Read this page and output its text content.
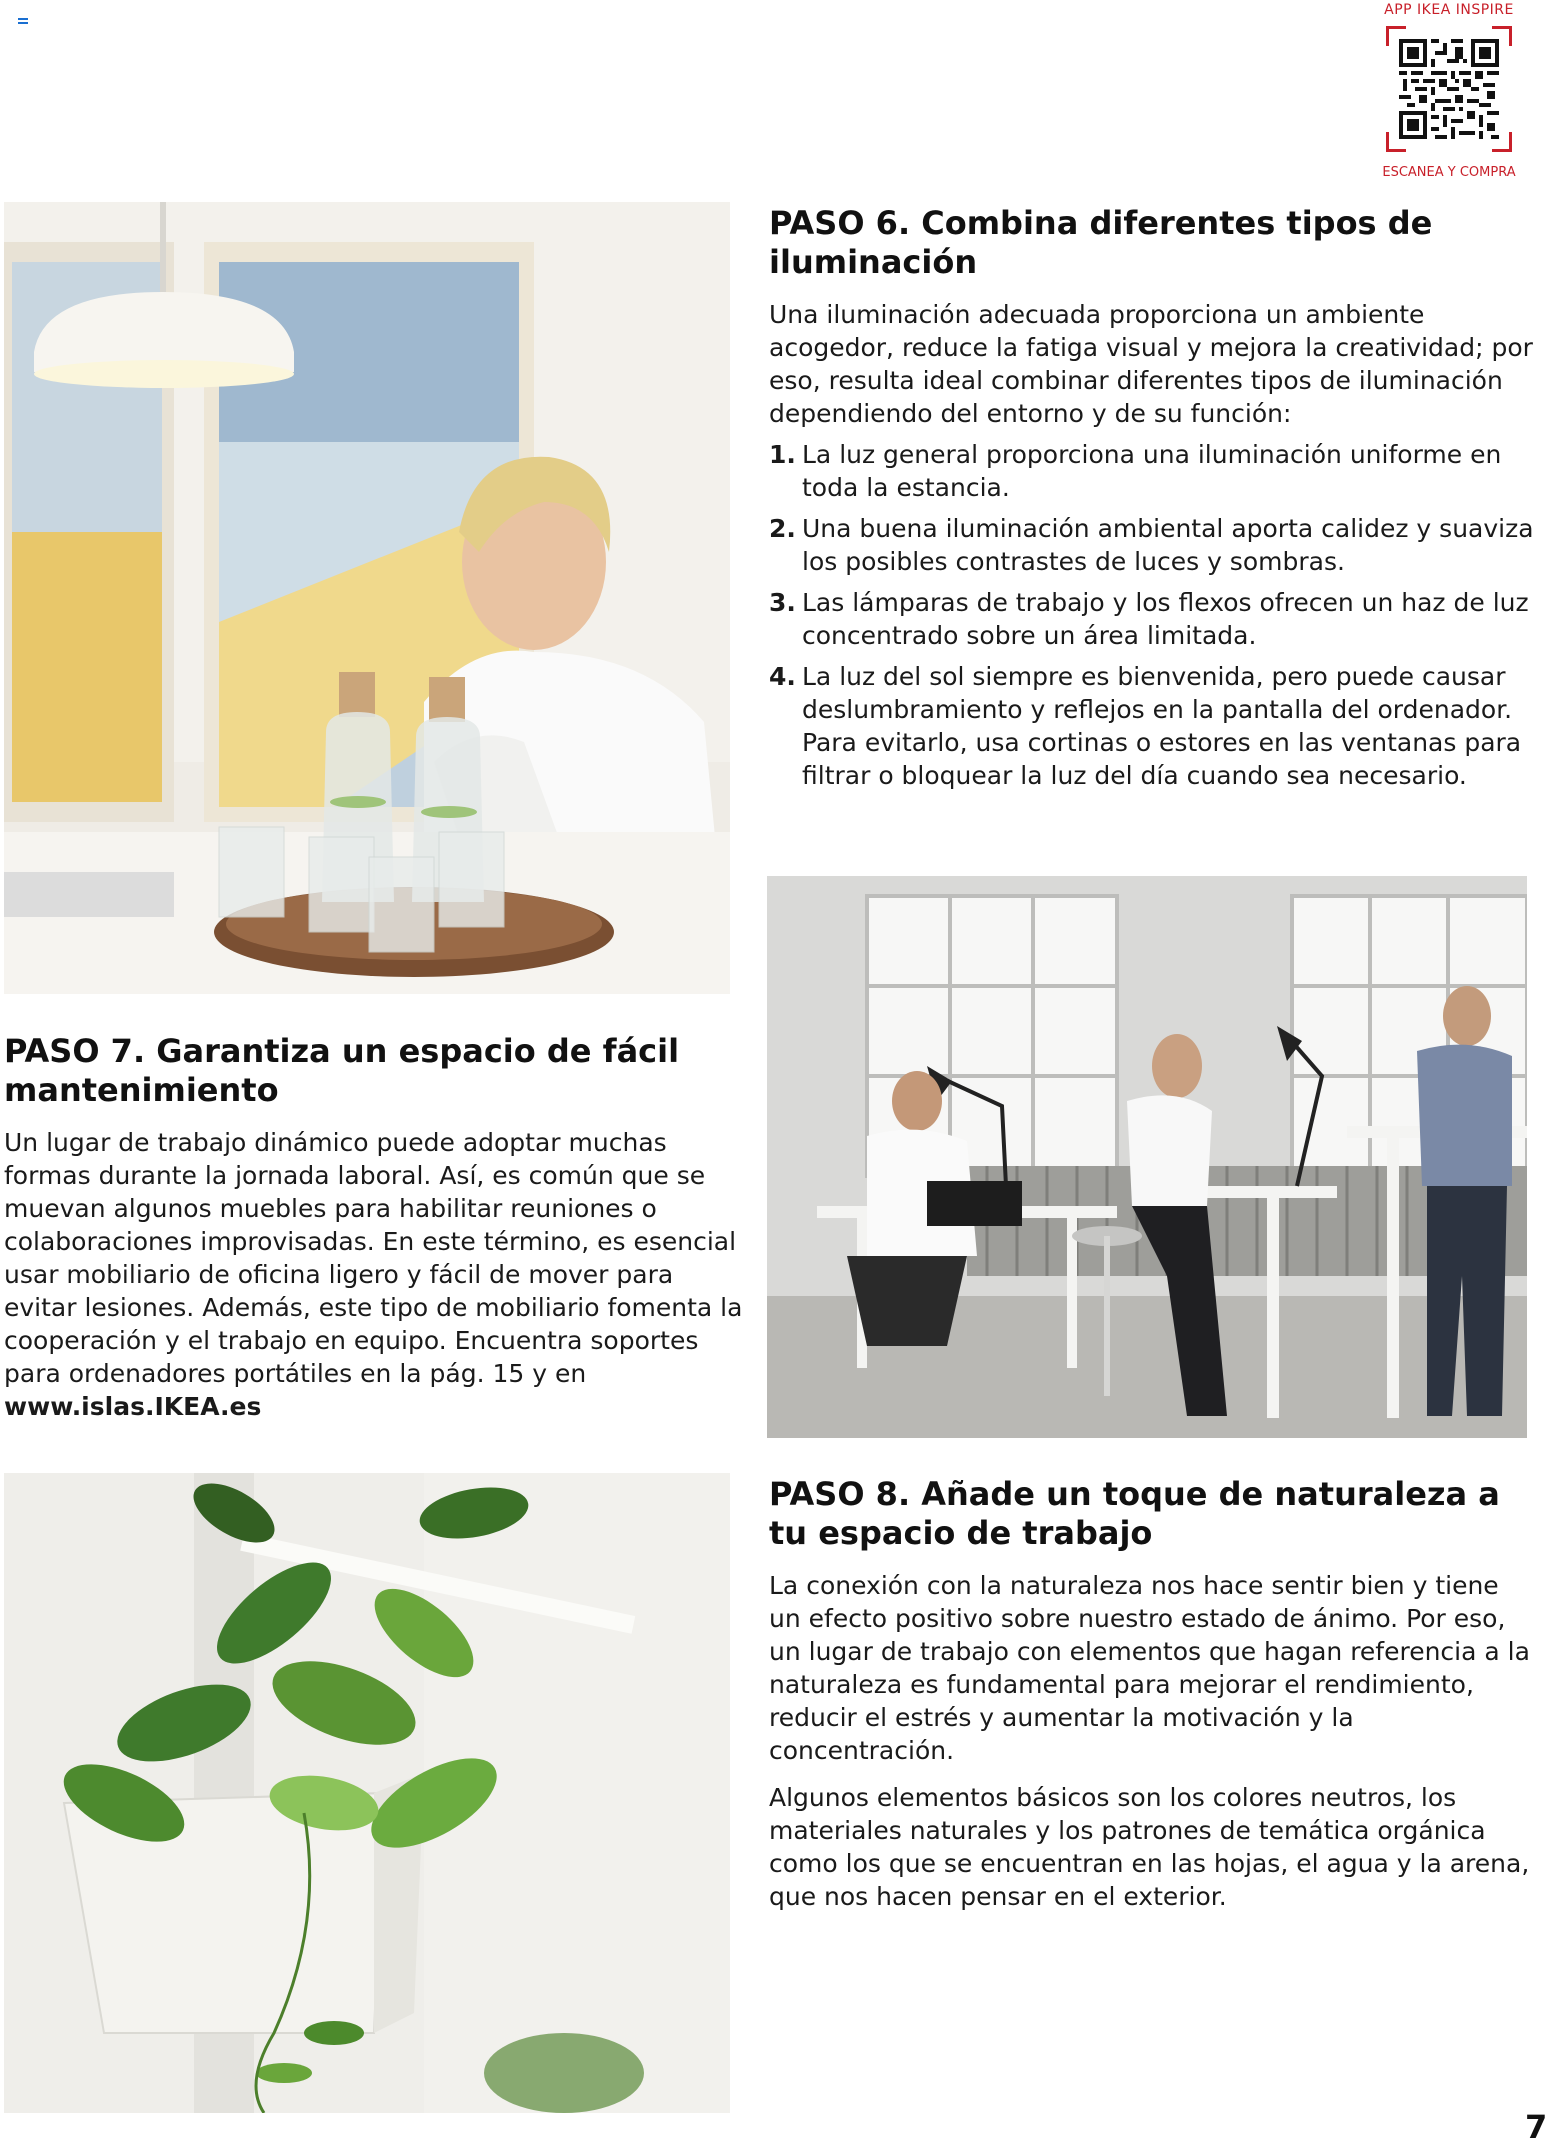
APP IKEA INSPIRE
ESCANEA Y COMPRA
PASO 6. Combina diferentes tipos de iluminación

Una iluminación adecuada proporciona un ambiente acogedor, reduce la fatiga visual y mejora la creatividad; por eso, resulta ideal combinar diferentes tipos de iluminación dependiendo del entorno y de su función:

1. La luz general proporciona una iluminación uniforme en toda la estancia.
2. Una buena iluminación ambiental aporta calidez y suaviza los posibles contrastes de luces y sombras.
3. Las lámparas de trabajo y los flexos ofrecen un haz de luz concentrado sobre un área limitada.
4. La luz del sol siempre es bienvenida, pero puede causar deslumbramiento y reflejos en la pantalla del ordenador. Para evitarlo, usa cortinas o estores en las ventanas para filtrar o bloquear la luz del día cuando sea necesario.
PASO 7. Garantiza un espacio de fácil mantenimiento

Un lugar de trabajo dinámico puede adoptar muchas formas durante la jornada laboral. Así, es común que se muevan algunos muebles para habilitar reuniones o colaboraciones improvisadas. En este término, es esencial usar mobiliario de oficina ligero y fácil de mover para evitar lesiones. Además, este tipo de mobiliario fomenta la cooperación y el trabajo en equipo. Encuentra soportes para ordenadores portátiles en la pág. 15 y en www.islas.IKEA.es

PASO 8. Añade un toque de naturaleza a tu espacio de trabajo

La conexión con la naturaleza nos hace sentir bien y tiene un efecto positivo sobre nuestro estado de ánimo. Por eso, un lugar de trabajo con elementos que hagan referencia a la naturaleza es fundamental para mejorar el rendimiento, reducir el estrés y aumentar la motivación y la concentración.

Algunos elementos básicos son los colores neutros, los materiales naturales y los patrones de temática orgánica como los que se encuentran en las hojas, el agua y la arena, que nos hacen pensar en el exterior.

7
